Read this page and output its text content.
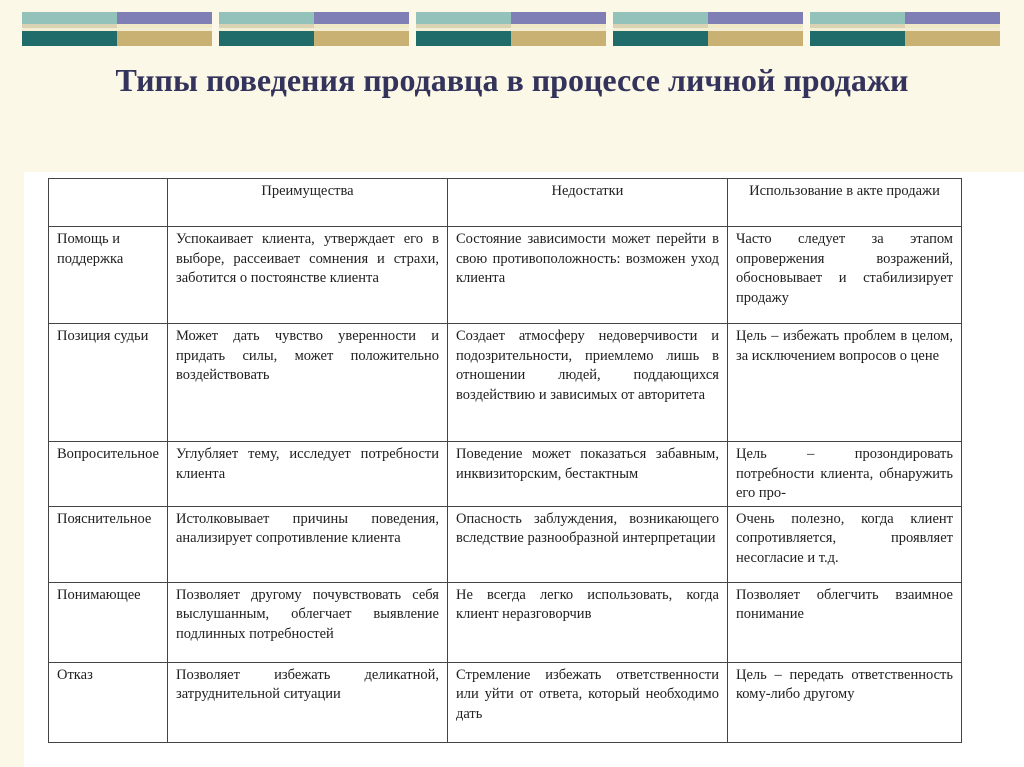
Типы поведения продавца в процессе личной продажи
	Преимущества	Недостатки	Использование в акте продажи
Помощь и поддержка	Успокаивает клиента, утверждает его в выборе, рассеивает сомнения и страхи, заботится о постоянстве клиента	Состояние зависимости может перейти в свою противоположность: возможен уход клиента	Часто следует за этапом опровержения возражений, обосновывает и стабилизирует продажу
Позиция судьи	Может дать чувство уверенности и придать силы, может положительно воздействовать	Создает атмосферу недоверчивости и подозрительности, приемлемо лишь в отношении людей, поддающихся воздействию и зависимых от авторитета	Цель – избежать проблем в целом, за исключением вопросов о цене
Вопросительное	Углубляет тему, исследует потребности клиента	Поведение может показаться забавным, инквизиторским, бестактным	Цель – прозондировать потребности клиента, обнаружить его про-
Пояснительное	Истолковывает причины поведения, анализирует сопротивление клиента	Опасность заблуждения, возникающего вследствие разнообразной интерпретации	Очень полезно, когда клиент сопротивляется, проявляет несогласие и т.д.
Понимающее	Позволяет другому почувствовать себя выслушанным, облегчает выявление подлинных потребностей	Не всегда легко использовать, когда клиент неразговорчив	Позволяет облегчить взаимное понимание
Отказ	Позволяет избежать деликатной, затруднительной ситуации	Стремление избежать ответственности или уйти от ответа, который необходимо дать	Цель – передать ответственность кому-либо другому
